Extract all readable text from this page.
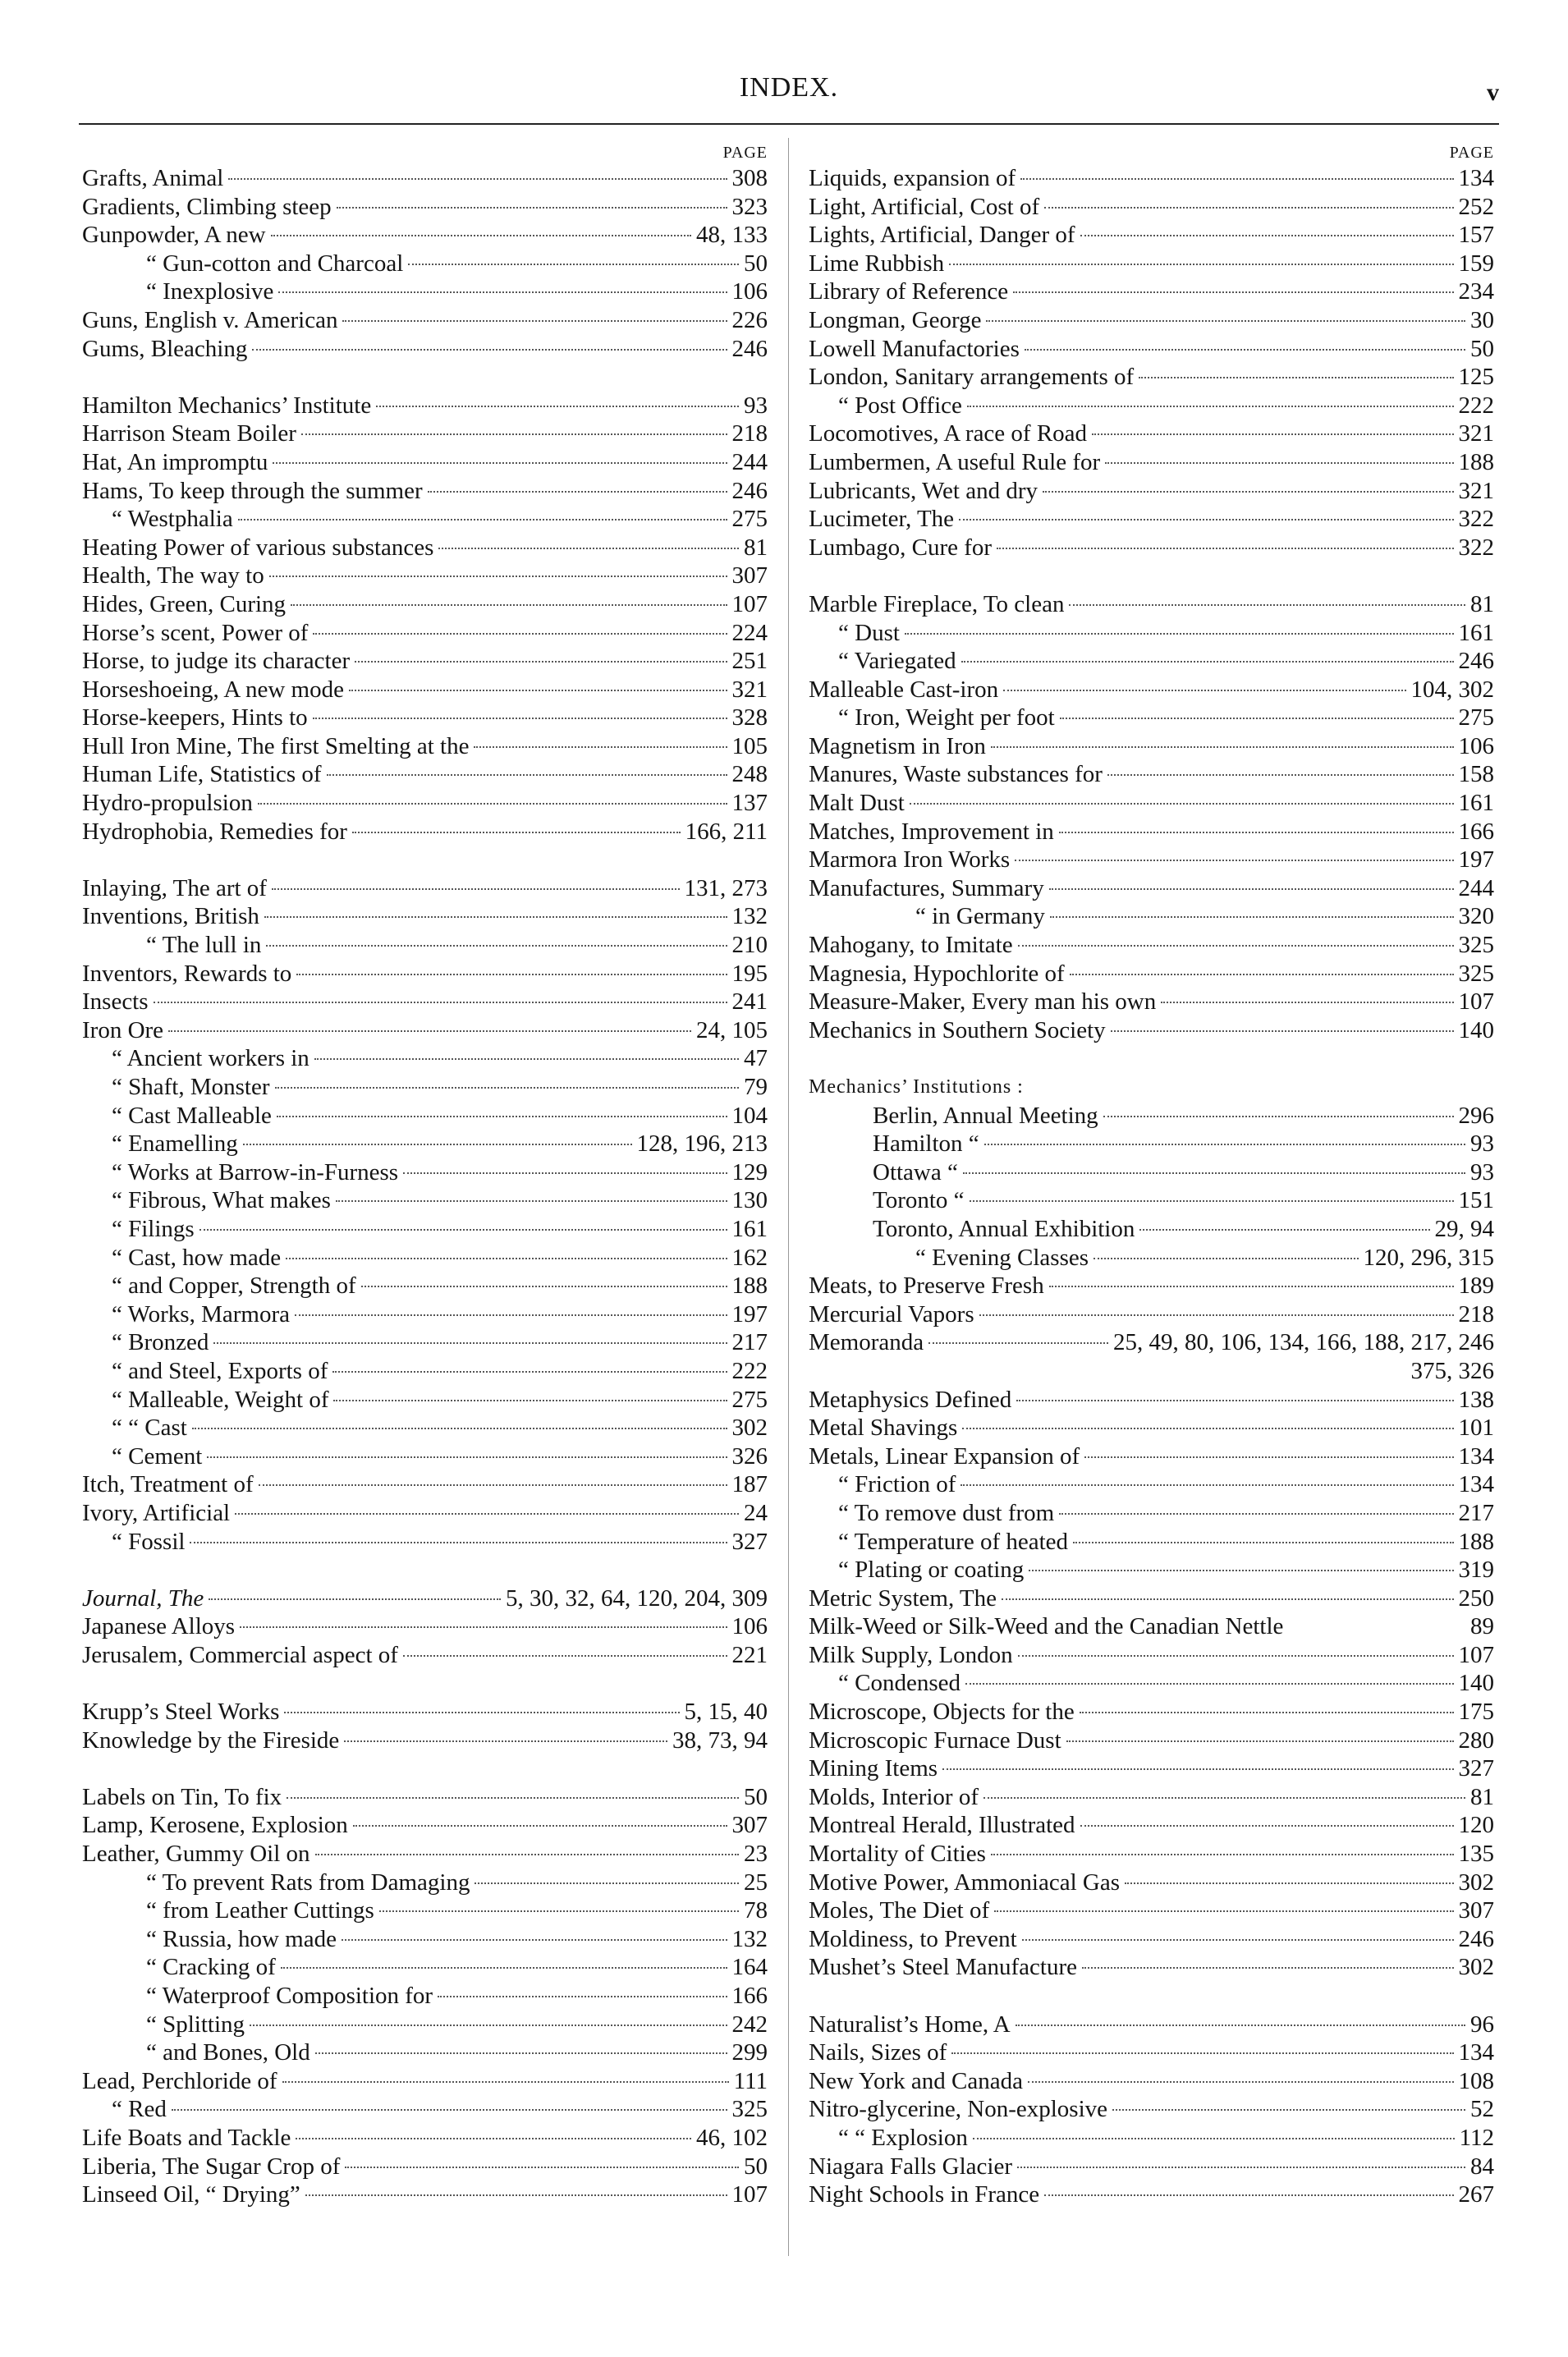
INDEX.	v
PAGE
Grafts, Animal	308
Gradients, Climbing steep	323
Gunpowder, A new	48, 133
“ Gun-cotton and Charcoal	50
“ Inexplosive	106
Guns, English v. American	226
Gums, Bleaching	246
Hamilton Mechanics’ Institute	93
Harrison Steam Boiler	218
Hat, An impromptu	244
Hams, To keep through the summer	246
“ Westphalia	275
Heating Power of various substances	81
Health, The way to	307
Hides, Green, Curing	107
Horse’s scent, Power of	224
Horse, to judge its character	251
Horseshoeing, A new mode	321
Horse-keepers, Hints to	328
Hull Iron Mine, The first Smelting at the	105
Human Life, Statistics of	248
Hydro-propulsion	137
Hydrophobia, Remedies for	166, 211
Inlaying, The art of	131, 273
Inventions, British	132
“ The lull in	210
Inventors, Rewards to	195
Insects	241
Iron Ore	24, 105
“ Ancient workers in	47
“ Shaft, Monster	79
“ Cast Malleable	104
“ Enamelling	128, 196, 213
“ Works at Barrow-in-Furness	129
“ Fibrous, What makes	130
“ Filings	161
“ Cast, how made	162
“ and Copper, Strength of	188
“ Works, Marmora	197
“ Bronzed	217
“ and Steel, Exports of	222
“ Malleable, Weight of	275
“ “ Cast	302
“ Cement	326
Itch, Treatment of	187
Ivory, Artificial	24
“ Fossil	327
Journal, The	5, 30, 32, 64, 120, 204, 309
Japanese Alloys	106
Jerusalem, Commercial aspect of	221
Krupp’s Steel Works	5, 15, 40
Knowledge by the Fireside	38, 73, 94
Labels on Tin, To fix	50
Lamp, Kerosene, Explosion	307
Leather, Gummy Oil on	23
“ To prevent Rats from Damaging	25
“ from Leather Cuttings	78
“ Russia, how made	132
“ Cracking of	164
“ Waterproof Composition for	166
“ Splitting	242
“ and Bones, Old	299
Lead, Perchloride of	111
“ Red	325
Life Boats and Tackle	46, 102
Liberia, The Sugar Crop of	50
Linseed Oil, “ Drying”	107
PAGE
Liquids, expansion of	134
Light, Artificial, Cost of	252
Lights, Artificial, Danger of	157
Lime Rubbish	159
Library of Reference	234
Longman, George	30
Lowell Manufactories	50
London, Sanitary arrangements of	125
“ Post Office	222
Locomotives, A race of Road	321
Lumbermen, A useful Rule for	188
Lubricants, Wet and dry	321
Lucimeter, The	322
Lumbago, Cure for	322
Marble Fireplace, To clean	81
“ Dust	161
“ Variegated	246
Malleable Cast-iron	104, 302
“ Iron, Weight per foot	275
Magnetism in Iron	106
Manures, Waste substances for	158
Malt Dust	161
Matches, Improvement in	166
Marmora Iron Works	197
Manufactures, Summary	244
“ in Germany	320
Mahogany, to Imitate	325
Magnesia, Hypochlorite of	325
Measure-Maker, Every man his own	107
Mechanics in Southern Society	140
Mechanics’ Institutions :
Berlin, Annual Meeting	296
Hamilton “	93
Ottawa “	93
Toronto “	151
Toronto, Annual Exhibition	29, 94
“ Evening Classes	120, 296, 315
Meats, to Preserve Fresh	189
Mercurial Vapors	218
Memoranda	25, 49, 80, 106, 134, 166, 188, 217, 246
375, 326
Metaphysics Defined	138
Metal Shavings	101
Metals, Linear Expansion of	134
“ Friction of	134
“ To remove dust from	217
“ Temperature of heated	188
“ Plating or coating	319
Metric System, The	250
Milk-Weed or Silk-Weed and the Canadian Nettle	89
Milk Supply, London	107
“ Condensed	140
Microscope, Objects for the	175
Microscopic Furnace Dust	280
Mining Items	327
Molds, Interior of	81
Montreal Herald, Illustrated	120
Mortality of Cities	135
Motive Power, Ammoniacal Gas	302
Moles, The Diet of	307
Moldiness, to Prevent	246
Mushet’s Steel Manufacture	302
Naturalist’s Home, A	96
Nails, Sizes of	134
New York and Canada	108
Nitro-glycerine, Non-explosive	52
“ “ Explosion	112
Niagara Falls Glacier	84
Night Schools in France	267
